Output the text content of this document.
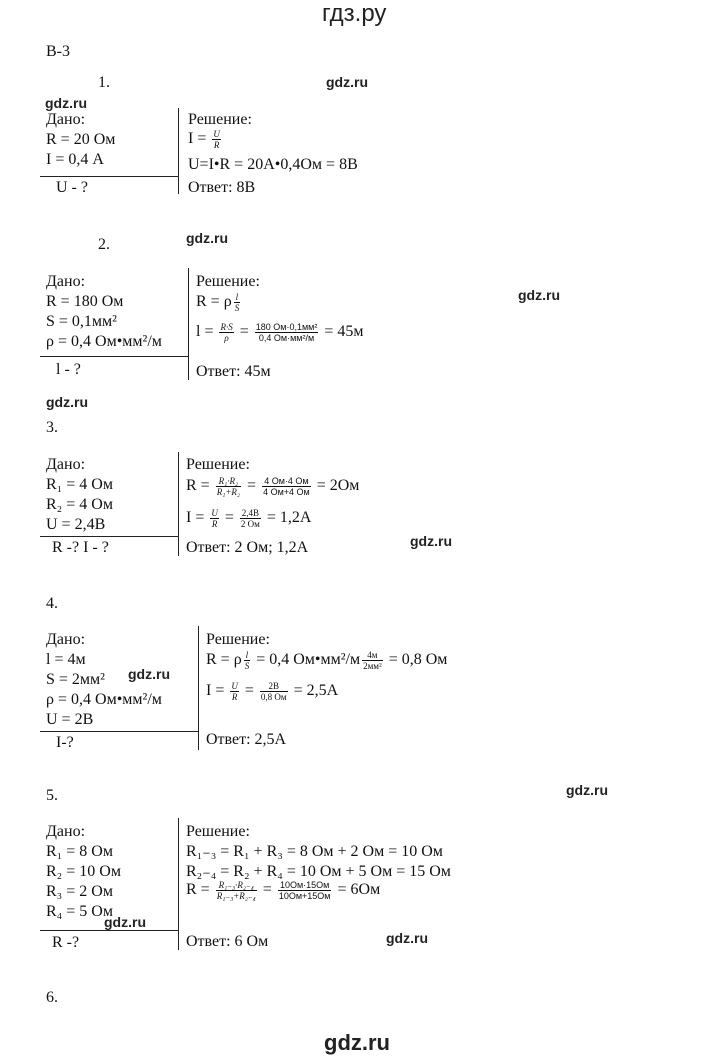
гдз.ру
В-3
1.	gdz.ru
gdz.ru
Дано:
R = 20 Ом
I = 0,4 А
U - ?
Решение:
$I = \frac{U}{R}$
U=I•R = 20А•0,4Ом = 8В
Ответ: 8В
2.	gdz.ru
gdz.ru
Дано:
R = 180 Ом
S = 0,1мм²
ρ = 0,4 Ом•мм²/м
l - ?
Решение:
R = ρ $\frac{l}{S}$
$l = \frac{R\cdot S}{\rho} = \frac{\text{180 Ом·0,1мм²}}{\text{0,4 Ом·мм²/м}} = 45м$
Ответ: 45м
gdz.ru
3.
Дано:
R₁ = 4 Ом
R₂ = 4 Ом
U = 2,4В
R -? I - ?
Решение:
$R = \frac{\text{R₁·R₂}}{\text{R₁+R₂}} = \frac{4 Ом\cdot 4 Ом}{4 Ом+4 Ом} = 2Ом$
$I = \frac{U}{R} = \frac{2,4В}{2 Ом} = 1,2А$
Ответ: 2 Ом; 1,2А	gdz.ru
4.
Дано:
l = 4м
S = 2мм² gdz.ru
ρ = 0,4 Ом•мм²/м
U = 2В
I-?
Решение:
R = ρ $\frac{l}{S} = 0,4$ Ом•мм²/м $\frac{4м}{\text{2мм²}} = 0,8$ Ом
$I = \frac{U}{R} = \frac{2В}{0,8 Ом} = 2,5А$
Ответ: 2,5А
gdz.ru
5.
Дано:
R₁ = 8 Ом
R₂ = 10 Ом
R₃ = 2 Ом
R₄ = 5 Ом
gdz.ru
R -?
Решение:
R₁₋₃ = R₁ + R₃ = 8 Ом + 2 Ом = 10 Ом
R₂₋₄ = R₂ + R₄ = 10 Ом + 5 Ом = 15 Ом
$R = \frac{\text{R₁₋₃·R₂₋₄}}{\text{R₁₋₃+R₂₋₄}} = \frac{10Ом\cdot 15Ом}{10Ом+15Ом} = 6Ом$
Ответ: 6 Ом	gdz.ru
6.
gdz.ru
